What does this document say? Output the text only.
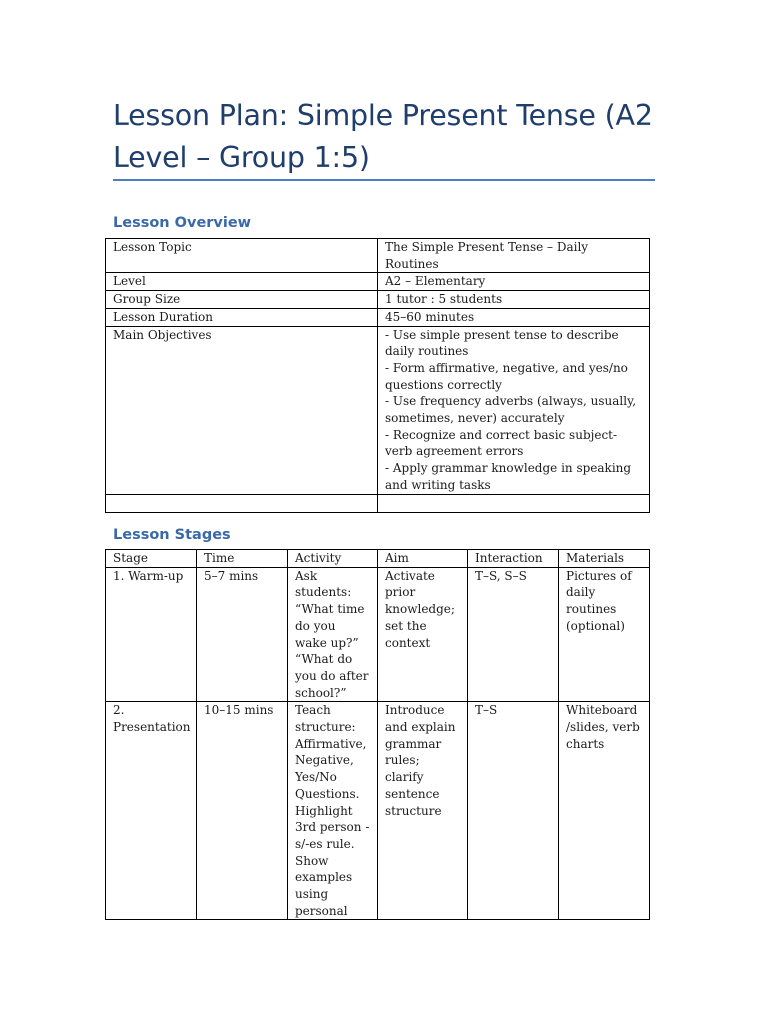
Lesson Plan: Simple Present Tense (A2 Level – Group 1:5)
Lesson Overview
Lesson Topic	The Simple Present Tense – Daily Routines
Level	A2 – Elementary
Group Size	1 tutor : 5 students
Lesson Duration	45–60 minutes
Main Objectives	- Use simple present tense to describe daily routines
- Form affirmative, negative, and yes/no questions correctly
- Use frequency adverbs (always, usually, sometimes, never) accurately
- Recognize and correct basic subject-verb agreement errors
- Apply grammar knowledge in speaking and writing tasks

Lesson Stages
Stage	Time	Activity	Aim	Interaction	Materials
1. Warm-up	5–7 mins	Ask students: “What time do you wake up?” “What do you do after school?”	Activate prior knowledge; set the context	T–S, S–S	Pictures of daily routines (optional)
2. Presentation	10–15 mins	Teach structure: Affirmative, Negative, Yes/No Questions. Highlight 3rd person -s/-es rule. Show examples using personal	Introduce and explain grammar rules; clarify sentence structure	T–S	Whiteboard /slides, verb charts
